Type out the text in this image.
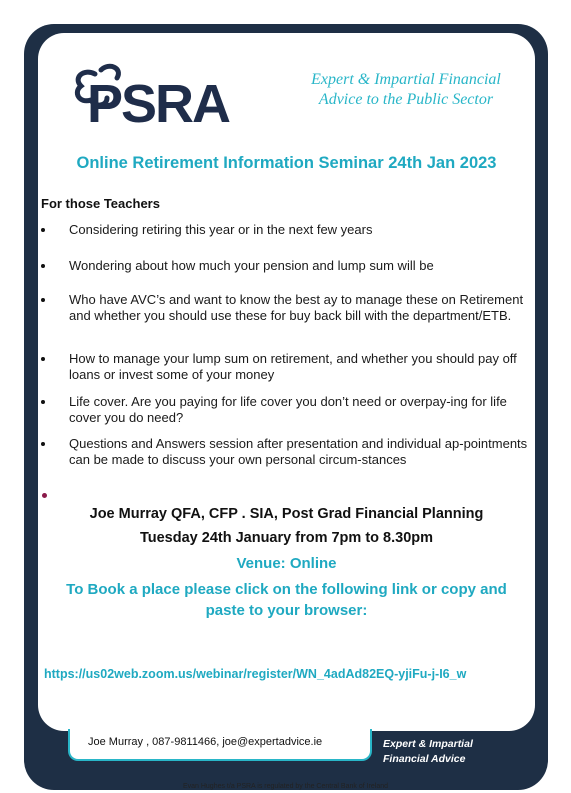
PSRA	Expert & Impartial Financial
Advice to the Public Sector
Online Retirement Information Seminar 24th Jan 2023
For those Teachers
Considering retiring this year or in the next few years
Wondering about how much your pension and lump sum will be
Who have AVC’s and want to know the best ay to manage these on Retirement and whether you should use these for buy back bill with the department/ETB.
How to manage your lump sum on retirement, and whether you should pay off loans or invest some of your money
Life cover. Are you paying for life cover you don’t need or overpay-ing for life cover you do need?
Questions and Answers session after presentation and individual ap-pointments can be made to discuss your own personal circum-stances
Joe Murray QFA, CFP . SIA, Post Grad Financial Planning
Tuesday 24th January from 7pm to 8.30pm
Venue: Online
To Book a place please click on the following link or copy and
paste to your browser:
https://us02web.zoom.us/webinar/register/WN_4adAd82EQ-yjiFu-j-I6_w
Joe Murray , 087-9811466, joe@expertadvice.ie	Expert & Impartial
Financial Advice
Evan Hughes t/a PSRA is regulated by the Central Bank of Ireland
